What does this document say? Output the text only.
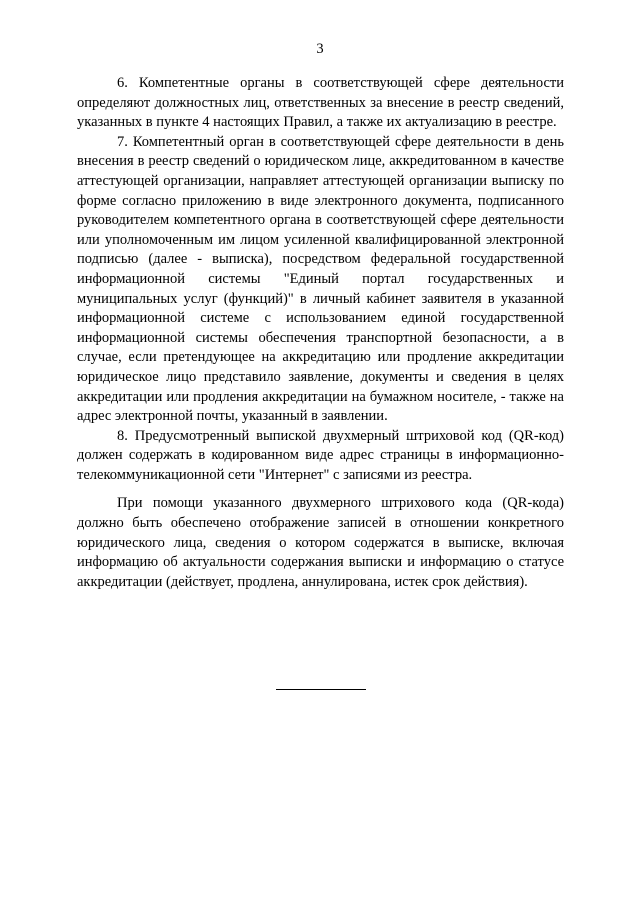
3

6. Компетентные органы в соответствующей сфере деятельности определяют должностных лиц, ответственных за внесение в реестр сведений, указанных в пункте 4 настоящих Правил, а также их актуализацию в реестре.

7. Компетентный орган в соответствующей сфере деятельности в день внесения в реестр сведений о юридическом лице, аккредитованном в качестве аттестующей организации, направляет аттестующей организации выписку по форме согласно приложению в виде электронного документа, подписанного руководителем компетентного органа в соответствующей сфере деятельности или уполномоченным им лицом усиленной квалифицированной электронной подписью (далее - выписка), посредством федеральной государственной информационной системы "Единый портал государственных и муниципальных услуг (функций)" в личный кабинет заявителя в указанной информационной системе с использованием единой государственной информационной системы обеспечения транспортной безопасности, а в случае, если претендующее на аккредитацию или продление аккредитации юридическое лицо представило заявление, документы и сведения в целях аккредитации или продления аккредитации на бумажном носителе, - также на адрес электронной почты, указанный в заявлении.

8. Предусмотренный выпиской двухмерный штриховой код (QR-код) должен содержать в кодированном виде адрес страницы в информационно-телекоммуникационной сети "Интернет" с записями из реестра.

При помощи указанного двухмерного штрихового кода (QR-кода) должно быть обеспечено отображение записей в отношении конкретного юридического лица, сведения о котором содержатся в выписке, включая информацию об актуальности содержания выписки и информацию о статусе аккредитации (действует, продлена, аннулирована, истек срок действия).
